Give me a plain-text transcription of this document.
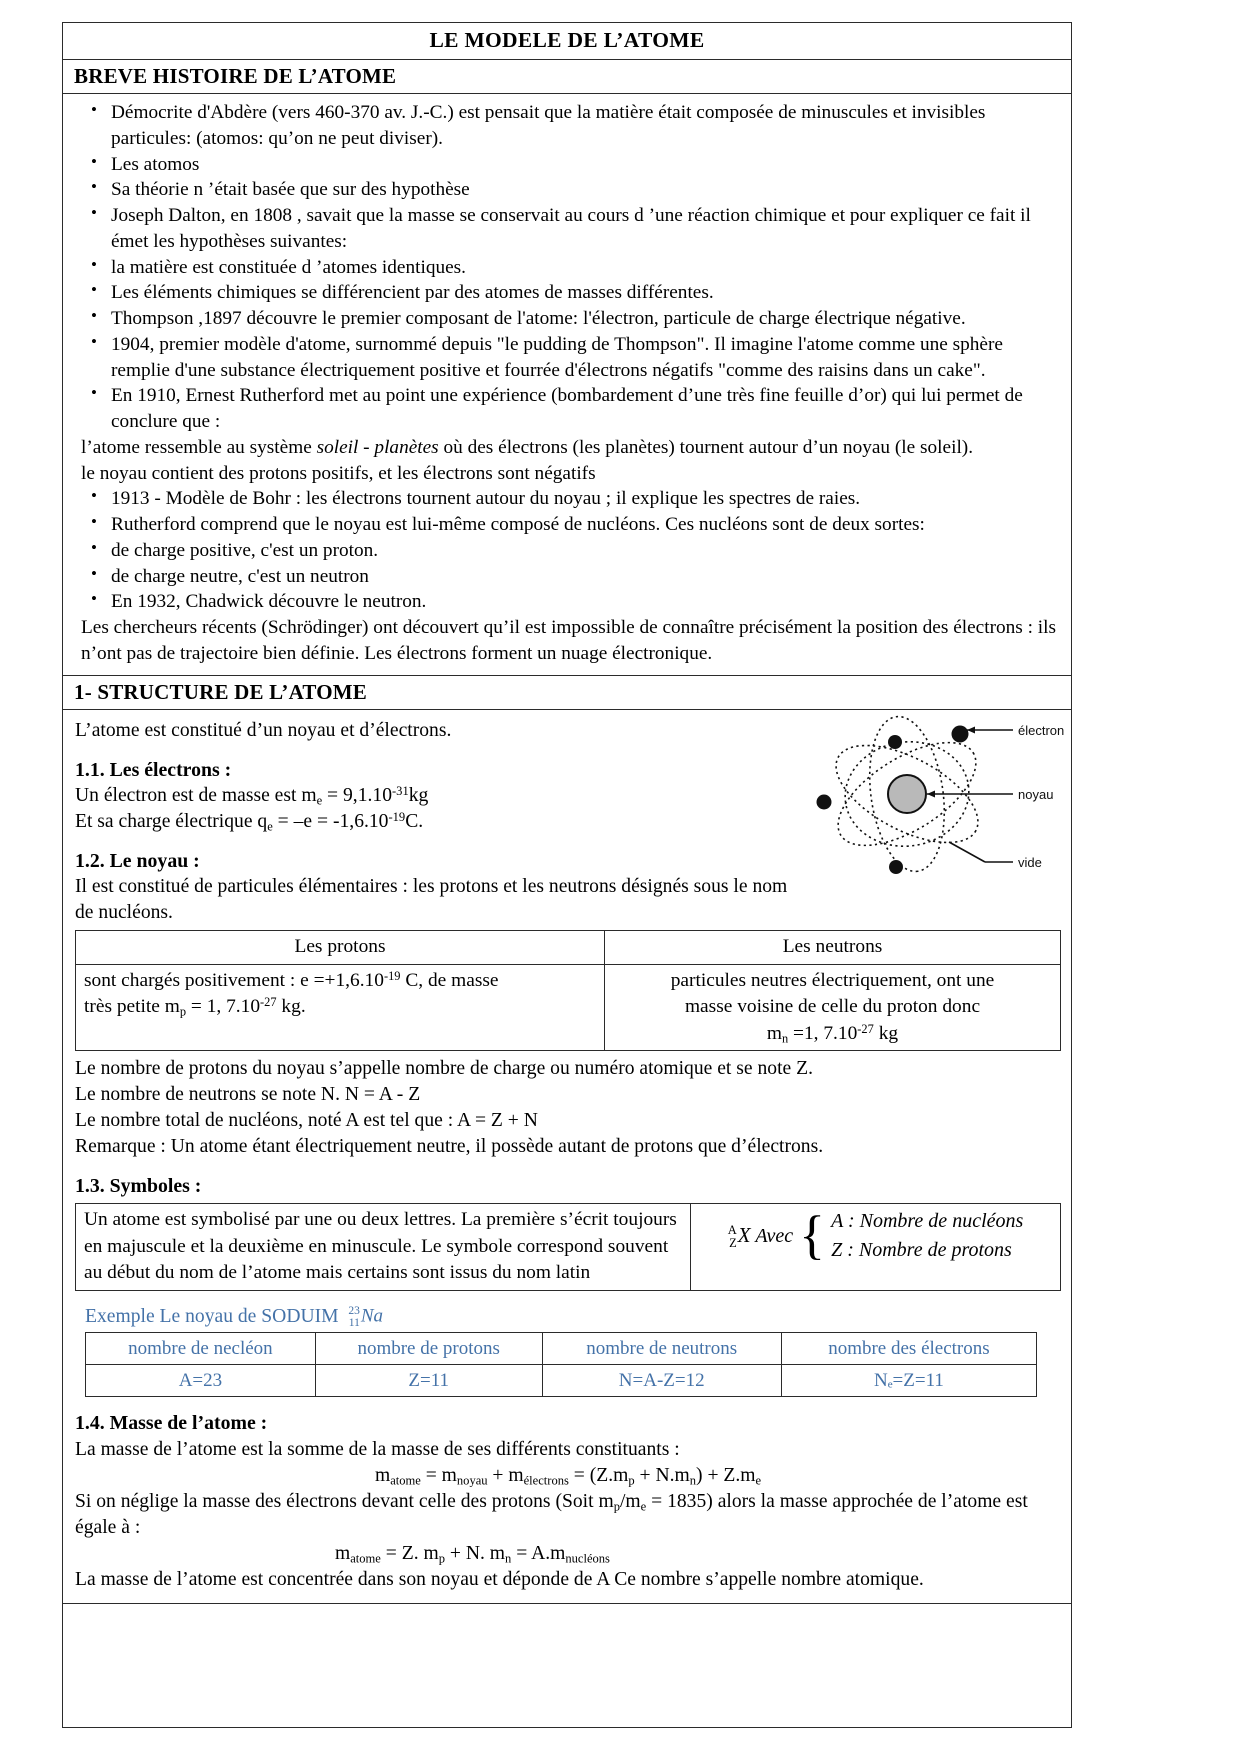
LE MODELE DE L’ATOME
BREVE HISTOIRE DE L’ATOME
• Démocrite d'Abdère (vers 460-370 av. J.-C.) est pensait que la matière était composée de minuscules et invisibles particules: (atomos: qu’on ne peut diviser).
• Les atomos
• Sa théorie n ’était basée que sur des hypothèse
• Joseph Dalton, en 1808 , savait que la masse se conservait au cours d ’une réaction chimique et pour expliquer ce fait il émet les hypothèses suivantes:
• la matière est constituée d ’atomes identiques.
• Les éléments chimiques se différencient par des atomes de masses différentes.
• Thompson ,1897 découvre le premier composant de l'atome: l'électron, particule de charge électrique négative.
• 1904, premier modèle d'atome, surnommé depuis "le pudding de Thompson". Il imagine l'atome comme une sphère remplie d'une substance électriquement positive et fourrée d'électrons négatifs "comme des raisins dans un cake".
• En 1910, Ernest Rutherford met au point une expérience (bombardement d’une très fine feuille d’or) qui lui permet de conclure que :

l’atome ressemble au système soleil - planètes où des électrons (les planètes) tournent autour d’un noyau (le soleil).

le noyau contient des protons positifs, et les électrons sont négatifs

• 1913 - Modèle de Bohr : les électrons tournent autour du noyau ; il explique les spectres de raies.
• Rutherford comprend que le noyau est lui-même composé de nucléons. Ces nucléons sont de deux sortes:
• de charge positive, c'est un proton.
• de charge neutre, c'est un neutron
• En 1932, Chadwick découvre le neutron.

Les chercheurs récents (Schrödinger) ont découvert qu’il est impossible de connaître précisément la position des électrons : ils n’ont pas de trajectoire bien définie. Les électrons forment un nuage électronique.

1- STRUCTURE DE L’ATOME
électron
noyau
vide

L’atome est constitué d’un noyau et d’électrons.

1.1. Les électrons :

Un électron est de masse est $m_e = 9,1.10^{-31}kg$

Et sa charge électrique $q_e = -e = -1,6.10^{-19}C$.

1.2. Le noyau :

Il est constitué de particules élémentaires : les protons et les neutrons désignés sous le nom de nucléons.

Les protons	Les neutrons
sont chargés positivement : $e =+1,6.10^{-19}$ C, de masse
très petite $m_p = 1$, $7.10^{-27}$ kg.	particules neutres électriquement, ont une
masse voisine de celle du proton donc
$m_n =1$, $7.10^{-27}$ kg

Le nombre de protons du noyau s’appelle nombre de charge ou numéro atomique et se note Z.

Le nombre de neutrons se note N. N = A - Z

Le nombre total de nucléons, noté A est tel que : A = Z + N

Remarque : Un atome étant électriquement neutre, il possède autant de protons que d’électrons.

1.3. Symboles :
Un atome est symbolisé par une ou deux lettres. La première s’écrit toujours en majuscule et la deuxième en minuscule. Le symbole correspond souvent au début du nom de l’atome mais certains sont issus du nom latin	A
ZX Avec { A : Nombre de nucléons
Z : Nombre de protons

Exemple Le noyau de SODUIM 23
11Na

nombre de necléon	nombre de protons	nombre de neutrons	nombre des électrons
A=23	Z=11	N=A-Z=12	Nₑ=Z=11
1.4. Masse de l’atome :

La masse de l’atome est la somme de la masse de ses différents constituants :

$m_{atome} = m_{noyau} + m_{électrons} = (Z.m_p + N.m_n) + Z.m_e$

Si on néglige la masse des électrons devant celle des protons (Soit $m_p/m_e = 1835$) alors la masse approchée de l’atome est égale à :

$m_{atome} = Z$. $m_p + N$. $m_n = A.m_{nucléons}$

La masse de l’atome est concentrée dans son noyau et déponde de A Ce nombre s’appelle nombre atomique.
